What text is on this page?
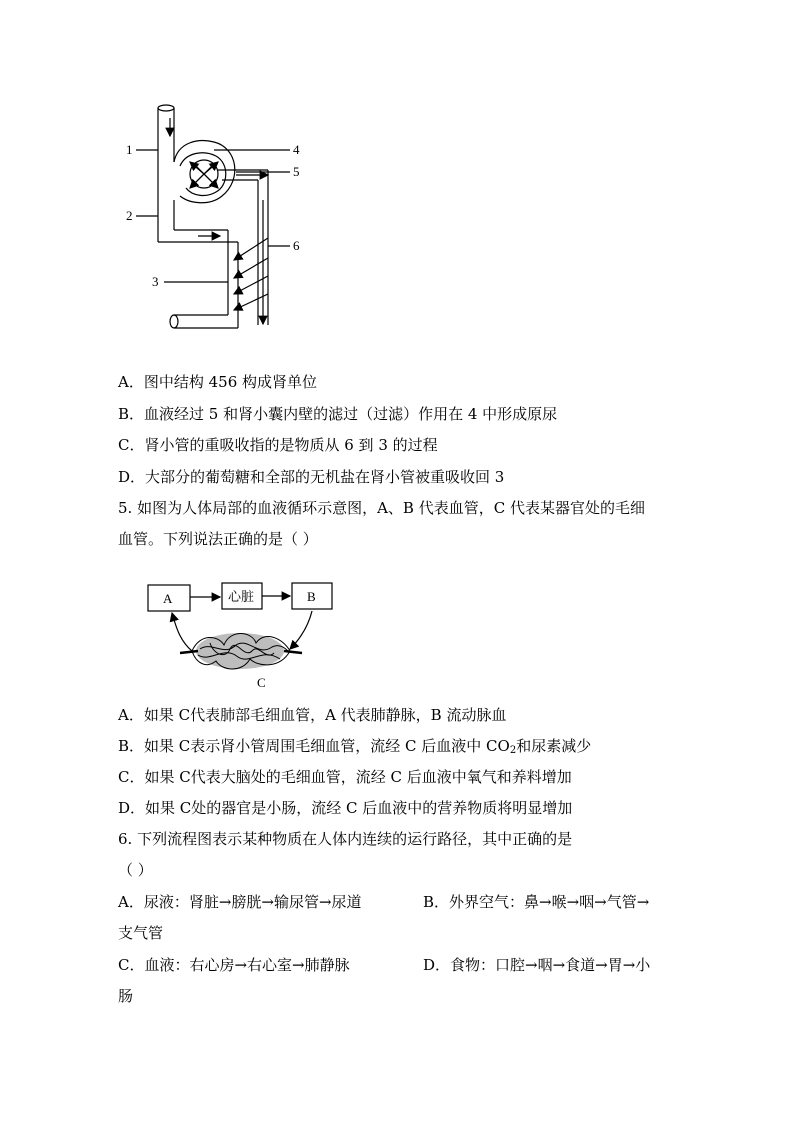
1
2
3
4
5
6
A．图中结构 456 构成肾单位
B．血液经过 5 和肾小囊内壁的滤过（过滤）作用在 4 中形成原尿
C．肾小管的重吸收指的是物质从 6 到 3 的过程
D．大部分的葡萄糖和全部的无机盐在肾小管被重吸收回 3
5. 如图为人体局部的血液循环示意图，A、B 代表血管，C 代表某器官处的毛细
血管。下列说法正确的是（ ）
A	心脏	B
C
A．如果 C代表肺部毛细血管，A 代表肺静脉，B 流动脉血
B．如果 C表示肾小管周围毛细血管，流经 C 后血液中 $CO_2$和尿素减少
C．如果 C代表大脑处的毛细血管，流经 C 后血液中氧气和养料增加
D．如果 C处的器官是小肠，流经 C 后血液中的营养物质将明显增加
6. 下列流程图表示某种物质在人体内连续的运行路径，其中正确的是
（ ）
A．尿液：肾脏→膀胱→输尿管→尿道	B．外界空气：鼻→喉→咽→气管→
支气管
C．血液：右心房→右心室→肺静脉	D．食物：口腔→咽→食道→胃→小
肠
